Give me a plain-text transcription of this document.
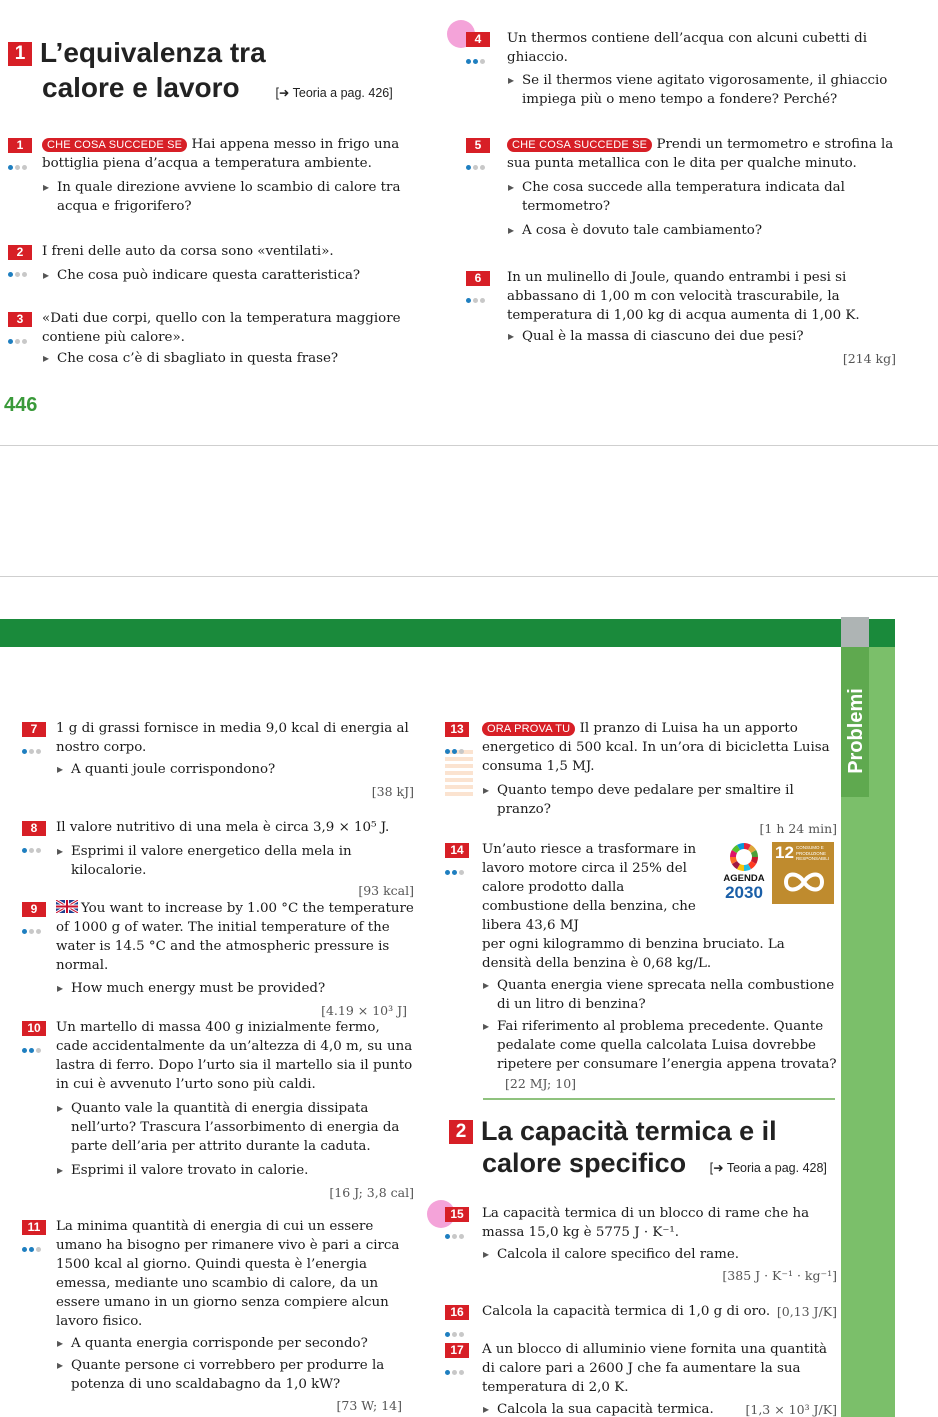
1 L’equivalenza tra
calore e lavoro	[➜ Teoria a pag. 426]
1	CHE COSA SUCCEDE SE Hai appena messo in frigo una bottiglia piena d’acqua a temperatura ambiente.
▸ In quale direzione avviene lo scambio di calore tra acqua e frigorifero?
2	I freni delle auto da corsa sono «ventilati».
▸ Che cosa può indicare questa caratteristica?
3	«Dati due corpi, quello con la temperatura maggiore contiene più calore».
▸ Che cosa c’è di sbagliato in questa frase?
4	Un thermos contiene dell’acqua con alcuni cubetti di ghiaccio.
▸ Se il thermos viene agitato vigorosamente, il ghiaccio impiega più o meno tempo a fondere? Perché?
5	CHE COSA SUCCEDE SE Prendi un termometro e strofina la sua punta metallica con le dita per qualche minuto.
▸ Che cosa succede alla temperatura indicata dal termometro?
▸ A cosa è dovuto tale cambiamento?
6	In un mulinello di Joule, quando entrambi i pesi si abbassano di 1,00 m con velocità trascurabile, la temperatura di 1,00 kg di acqua aumenta di 1,00 K.
▸ Qual è la massa di ciascuno dei due pesi?
[214 kg]
446
Problemi
7	1 g di grassi fornisce in media 9,0 kcal di energia al nostro corpo.
▸ A quanti joule corrispondono?
[38 kJ]
8	Il valore nutritivo di una mela è circa 3,9 × 10⁵ J.
▸ Esprimi il valore energetico della mela in kilocalorie.
[93 kcal]
9	You want to increase by 1.00 °C the temperature of 1000 g of water. The initial temperature of the water is 14.5 °C and the atmospheric pressure is normal.
▸ How much energy must be provided?
[4.19 × 10³ J]
10	Un martello di massa 400 g inizialmente fermo, cade accidentalmente da un’altezza di 4,0 m, su una lastra di ferro. Dopo l’urto sia il martello sia il punto in cui è avvenuto l’urto sono più caldi.
▸ Quanto vale la quantità di energia dissipata nell’urto? Trascura l’assorbimento di energia da parte dell’aria per attrito durante la caduta.
▸ Esprimi il valore trovato in calorie.
[16 J; 3,8 cal]
11	La minima quantità di energia di cui un essere umano ha bisogno per rimanere vivo è pari a circa 1500 kcal al giorno. Quindi questa è l’energia emessa, mediante uno scambio di calore, da un essere umano in un giorno senza compiere alcun lavoro fisico.
▸ A quanta energia corrisponde per secondo?
▸ Quante persone ci vorrebbero per produrre la potenza di uno scaldabagno da 1,0 kW?
[73 W; 14]
13	ORA PROVA TU Il pranzo di Luisa ha un apporto energetico di 500 kcal. In un’ora di bicicletta Luisa consuma 1,5 MJ.
▸ Quanto tempo deve pedalare per smaltire il pranzo?
[1 h 24 min]
14	Un’auto riesce a trasformare in lavoro motore circa il 25% del calore prodotto dalla combustione della benzina, che libera 43,6 MJ
per ogni kilogrammo di benzina bruciato. La densità della benzina è 0,68 kg/L.
▸ Quanta energia viene sprecata nella combustione di un litro di benzina?
▸ Fai riferimento al problema precedente. Quante pedalate come quella calcolata Luisa dovrebbe ripetere per consumare l’energia appena trovata? [22 MJ; 10]
AGENDA
2030
12 CONSUMO E PRODUZIONE RESPONSABILI
2 La capacità termica e il
calore specifico [➜ Teoria a pag. 428]
15	La capacità termica di un blocco di rame che ha massa 15,0 kg è 5775 J · K⁻¹.
▸ Calcola il calore specifico del rame.
[385 J · K⁻¹ · kg⁻¹]
16	Calcola la capacità termica di 1,0 g di oro. [0,13 J/K]
17	A un blocco di alluminio viene fornita una quantità di calore pari a 2600 J che fa aumentare la sua temperatura di 2,0 K.
▸ Calcola la sua capacità termica.	[1,3 × 10³ J/K]
